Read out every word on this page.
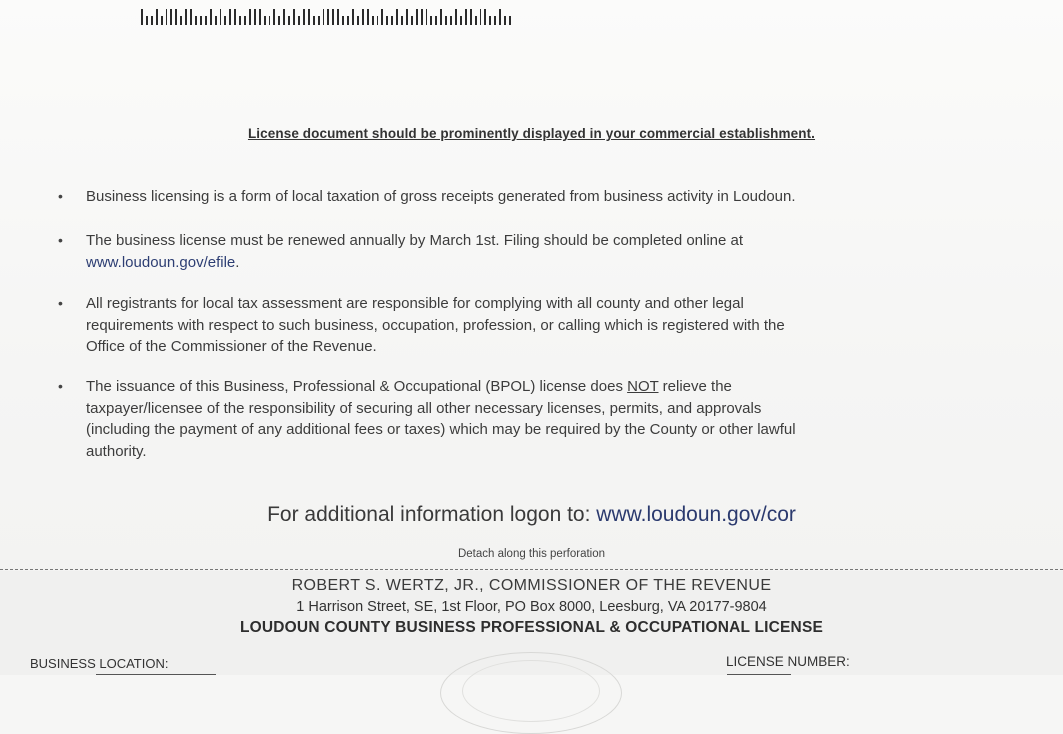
License document should be prominently displayed in your commercial establishment.
•	Business licensing is a form of local taxation of gross receipts generated from business activity in Loudoun.
•	The business license must be renewed annually by March 1st. Filing should be completed online at
www.loudoun.gov/efile.
•	All registrants for local tax assessment are responsible for complying with all county and other legal
requirements with respect to such business, occupation, profession, or calling which is registered with the
Office of the Commissioner of the Revenue.
•	The issuance of this Business, Professional & Occupational (BPOL) license does NOT relieve the
taxpayer/licensee of the responsibility of securing all other necessary licenses, permits, and approvals
(including the payment of any additional fees or taxes) which may be required by the County or other lawful
authority.
For additional information logon to: www.loudoun.gov/cor
Detach along this perforation
ROBERT S. WERTZ, JR., COMMISSIONER OF THE REVENUE
1 Harrison Street, SE, 1st Floor, PO Box 8000, Leesburg, VA 20177-9804
LOUDOUN COUNTY BUSINESS PROFESSIONAL & OCCUPATIONAL LICENSE
BUSINESS LOCATION:	LICENSE NUMBER:
